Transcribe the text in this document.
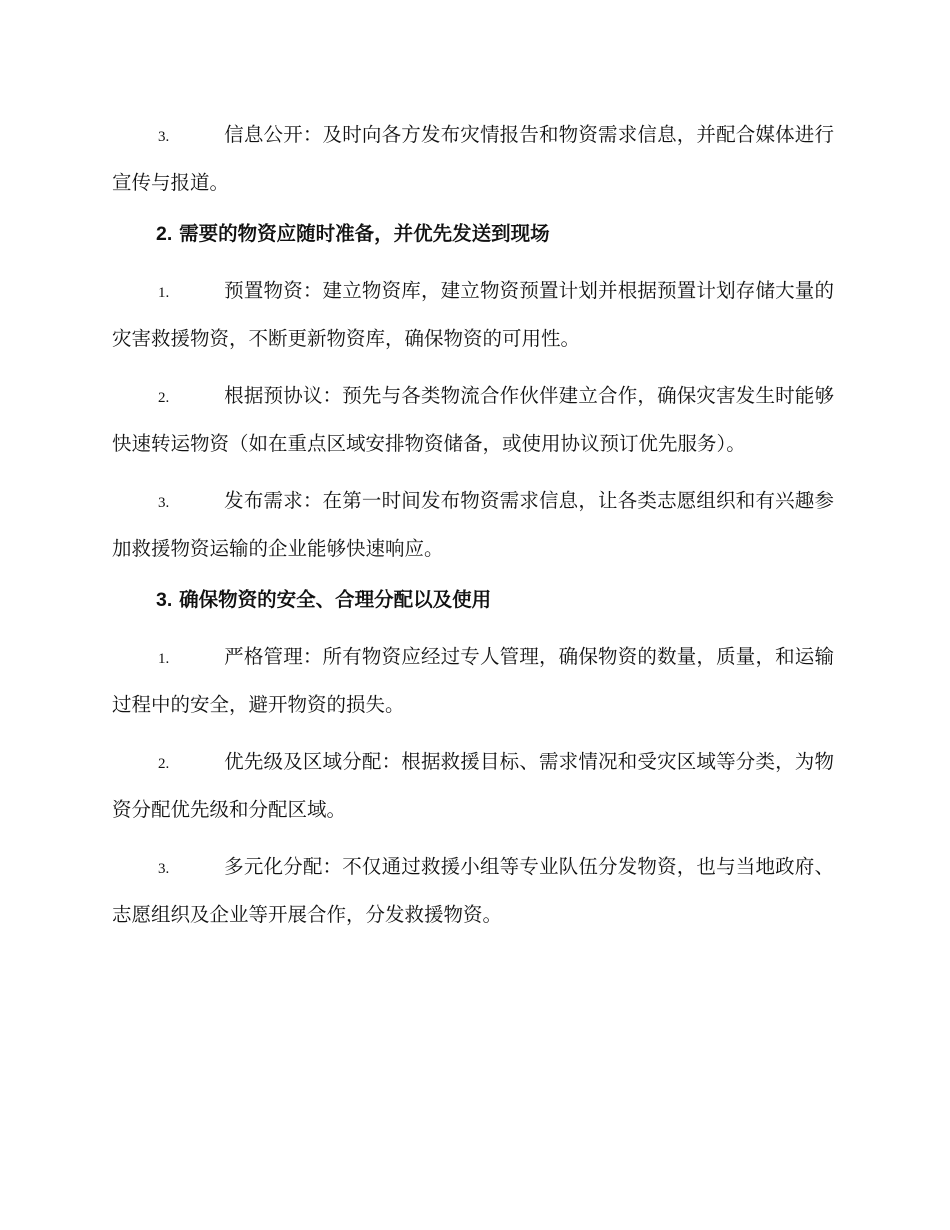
3.	信息公开：及时向各方发布灾情报告和物资需求信息，并配合媒体进行宣传与报道。

2. 需要的物资应随时准备，并优先发送到现场

1.	预置物资：建立物资库，建立物资预置计划并根据预置计划存储大量的灾害救援物资，不断更新物资库，确保物资的可用性。

2.	根据预协议：预先与各类物流合作伙伴建立合作，确保灾害发生时能够快速转运物资（如在重点区域安排物资储备，或使用协议预订优先服务）。

3.	发布需求：在第一时间发布物资需求信息，让各类志愿组织和有兴趣参加救援物资运输的企业能够快速响应。

3. 确保物资的安全、合理分配以及使用

1.	严格管理：所有物资应经过专人管理，确保物资的数量，质量，和运输过程中的安全，避开物资的损失。

2.	优先级及区域分配：根据救援目标、需求情况和受灾区域等分类，为物资分配优先级和分配区域。

3.	多元化分配：不仅通过救援小组等专业队伍分发物资，也与当地政府、志愿组织及企业等开展合作，分发救援物资。
